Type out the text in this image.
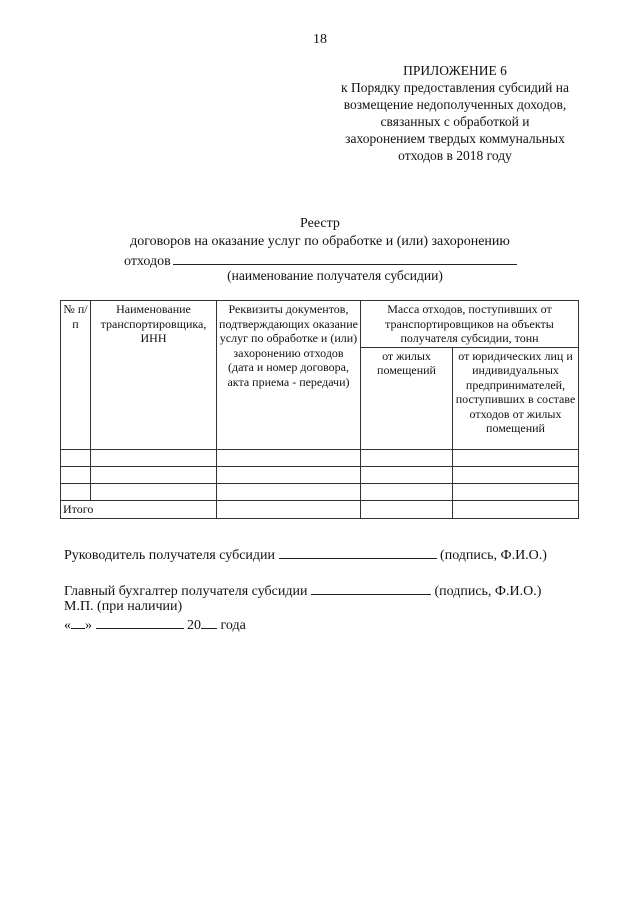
18
ПРИЛОЖЕНИЕ 6
к Порядку предоставления субсидий на
возмещение недополученных доходов,
связанных с обработкой и
захоронением твердых коммунальных
отходов в 2018 году
Реестр
договоров на оказание услуг по обработке и (или) захоронению
отходов
(наименование получателя субсидии)
№ п/п	Наименование транспортировщика, ИНН	Реквизиты документов, подтверждающих оказание услуг по обработке и (или) захоронению отходов (дата и номер договора, акта приема - передачи)	Масса отходов, поступивших от транспортировщиков на объекты получателя субсидии, тонн	
			от жилых помещений	от юридических лиц и индивидуальных предпринимателей, поступивших в составе отходов от жилых помещений

Итого				
Руководитель получателя субсидии	(подпись, Ф.И.О.)
Главный бухгалтер получателя субсидии	(подпись, Ф.И.О.)
М.П. (при наличии)
« »	20 года
